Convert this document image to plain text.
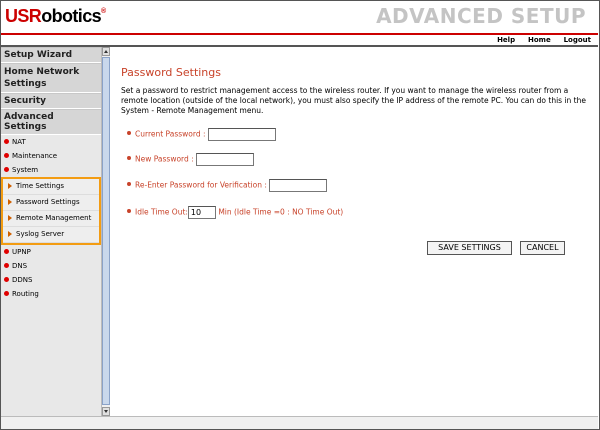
USRobotics®	ADVANCED SETUP
Help Home Logout
Setup Wizard
Home Network Settings
Security
Advanced Settings
NAT
Maintenance
System
Time Settings
Password Settings
Remote Management
Syslog Server
UPNP
DNS
DDNS
Routing
Password Settings
Set a password to restrict management access to the wireless router. If you want to manage the wireless router from a remote location (outside of the local network), you must also specify the IP address of the remote PC. You can do this in the System - Remote Management menu.
Current Password :
New Password :
Re-Enter Password for Verification :
Idle Time Out:10	Min (Idle Time =0 : NO Time Out)
SAVE SETTINGS	CANCEL
